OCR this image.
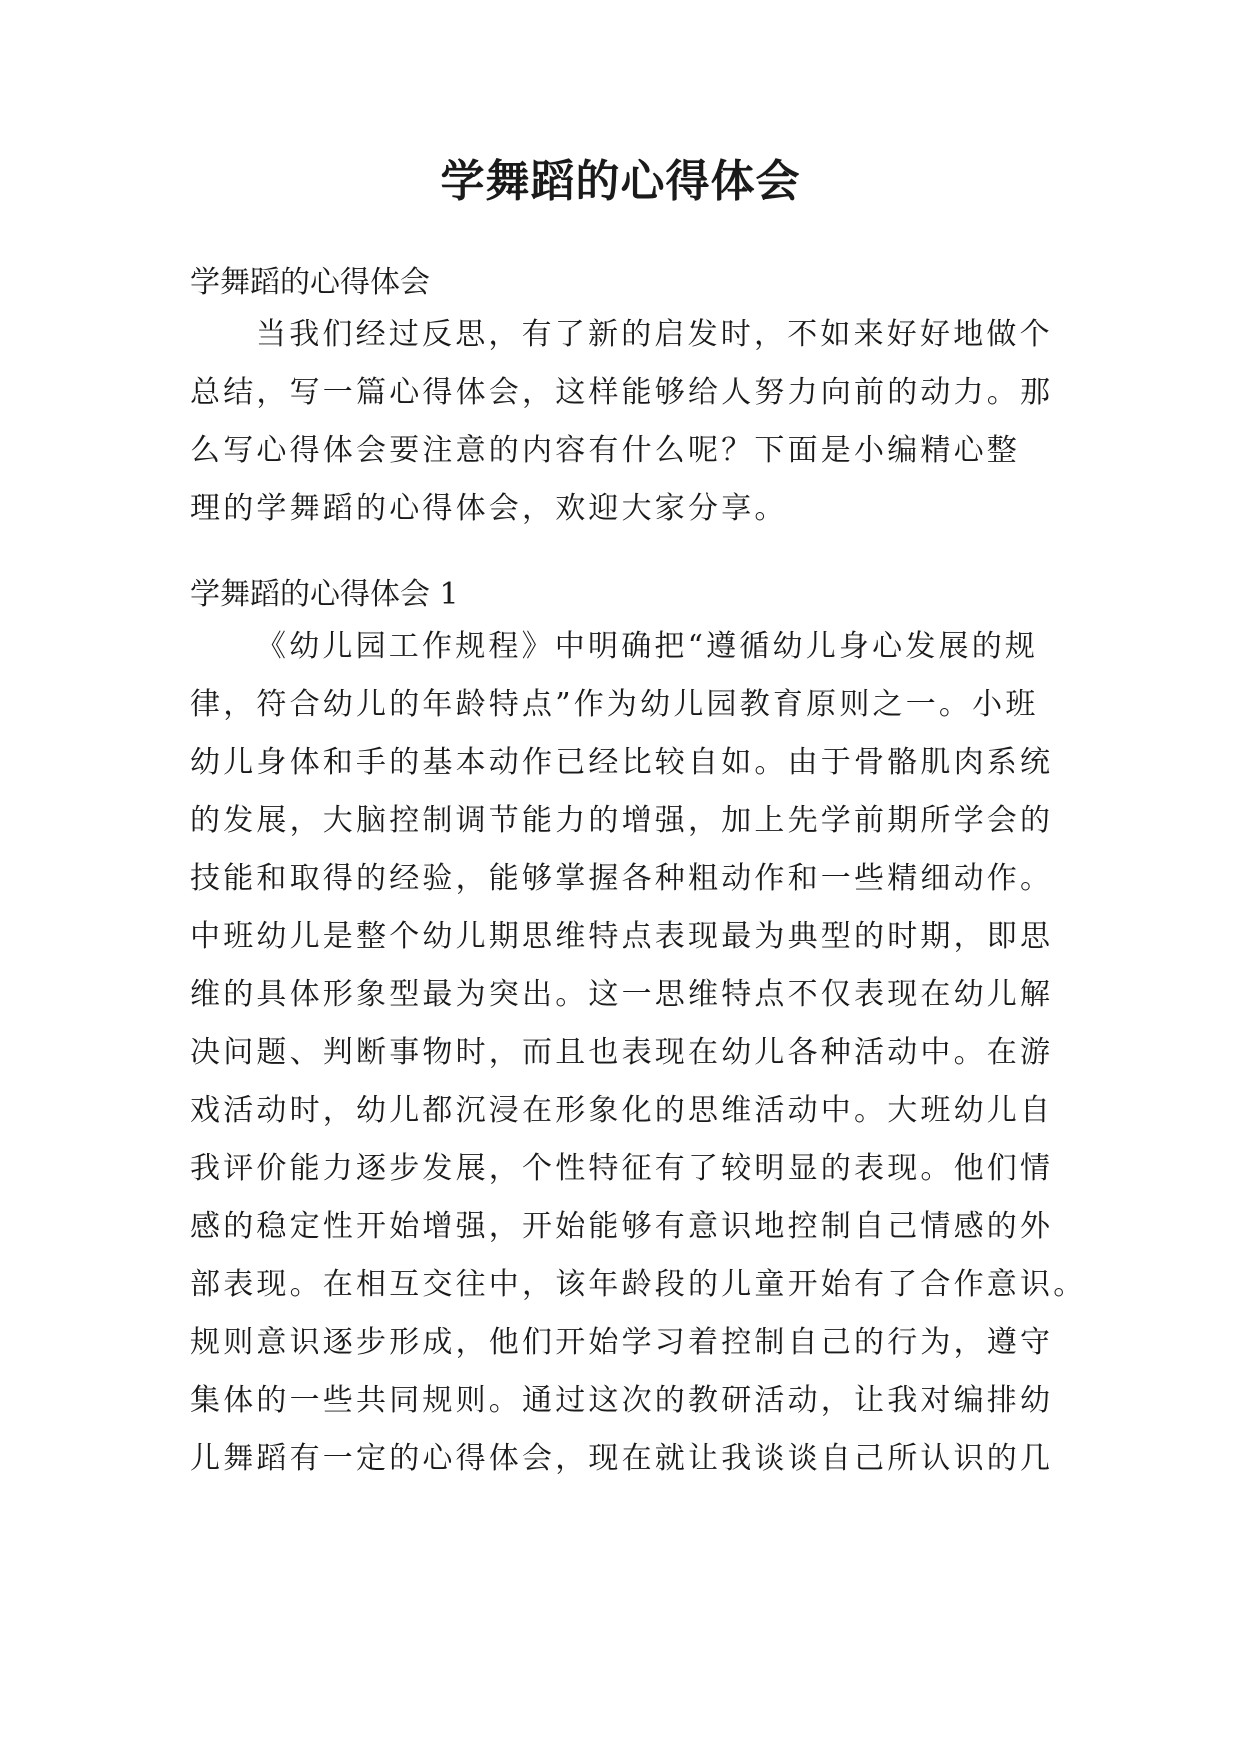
学舞蹈的心得体会

学舞蹈的心得体会

当我们经过反思，有了新的启发时，不如来好好地做个
总结，写一篇心得体会，这样能够给人努力向前的动力。那
么写心得体会要注意的内容有什么呢？下面是小编精心整
理的学舞蹈的心得体会，欢迎大家分享。

学舞蹈的心得体会 1

《幼儿园工作规程》中明确把“遵循幼儿身心发展的规
律，符合幼儿的年龄特点”作为幼儿园教育原则之一。小班
幼儿身体和手的基本动作已经比较自如。由于骨骼肌肉系统
的发展，大脑控制调节能力的增强，加上先学前期所学会的
技能和取得的经验，能够掌握各种粗动作和一些精细动作。
中班幼儿是整个幼儿期思维特点表现最为典型的时期，即思
维的具体形象型最为突出。这一思维特点不仅表现在幼儿解
决问题、判断事物时，而且也表现在幼儿各种活动中。在游
戏活动时，幼儿都沉浸在形象化的思维活动中。大班幼儿自
我评价能力逐步发展，个性特征有了较明显的表现。他们情
感的稳定性开始增强，开始能够有意识地控制自己情感的外
部表现。在相互交往中，该年龄段的儿童开始有了合作意识。
规则意识逐步形成，他们开始学习着控制自己的行为，遵守
集体的一些共同规则。通过这次的教研活动，让我对编排幼
儿舞蹈有一定的心得体会，现在就让我谈谈自己所认识的几
